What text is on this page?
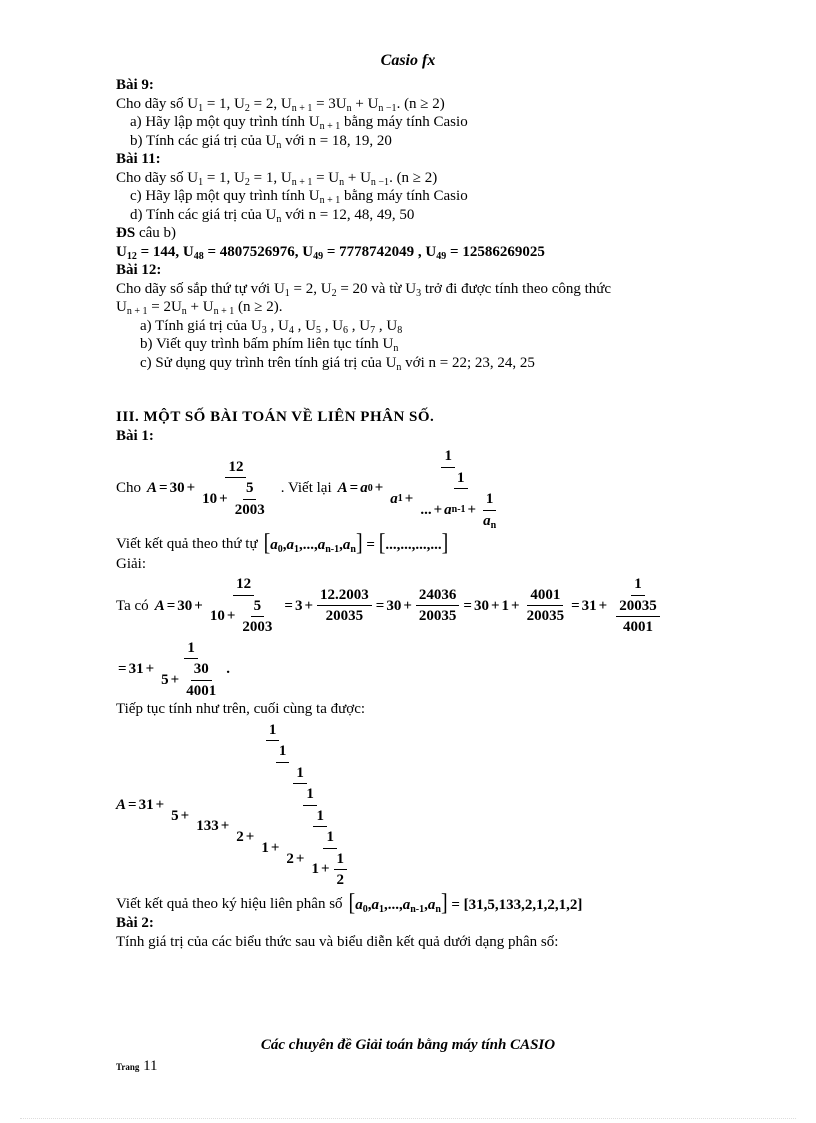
Casio fx
Bài 9:
Cho dãy số $U_1 = 1$, $U_2 = 2$, $U_{n + 1} = 3U_n + U_{n -1}$. (n ≥ 2)
a) Hãy lập một quy trình tính $U_{n + 1}$ bằng máy tính Casio
b) Tính các giá trị của $U_n$ với n = 18, 19, 20
Bài 11:
Cho dãy số $U_1 = 1$, $U_2 = 1$, $U_{n + 1} = U_n + U_{n -1}$. (n ≥ 2)
c) Hãy lập một quy trình tính $U_{n + 1}$ bằng máy tính Casio
d) Tính các giá trị của $U_n$ với n = 12, 48, 49, 50
ĐS câu b)
$U_{12} = 144$, $U_{48} = 4807526976$, $U_{49} = 7778742049$ , $U_{49} = 12586269025$
Bài 12:
Cho dãy số sắp thứ tự với $U_1 = 2$, $U_2 = 20$ và từ $U_3$ trở đi được tính theo công thức
$U_{n + 1} = 2U_n + U_{n + 1}$ (n ≥ 2).
a) Tính giá trị của $U_3$ , $U_4$ , $U_5$ , $U_6$ , $U_7$ , $U_8$
b) Viết quy trình bấm phím liên tục tính $U_n$
c) Sử dụng quy trình trên tính giá trị của $U_n$ với n = 22; 23, 24, 25
III. MỘT SỐ BÀI TOÁN VỀ LIÊN PHÂN SỐ.
Bài 1:
Cho $A = 30 + \frac{12}{10 + \frac{5}{2003}}$ . Viết lại A = a $0 + \frac{1}{a 1 + \frac{1}{... + a n-1 + \frac{1}{a_n}}}$
Viết kết quả theo thứ tự $[a_0,a_1,...,a_{n-1},a_n]$ = [...,...,...,...]
Giải:
Ta có $A = 30 + \frac{12}{10 + \frac{5}{2003}} = 3 + \frac{12.2003}{20035} = 30 + \frac{24036}{20035} = 30 + 1 + \frac{4001}{20035} = 31 + \frac{1}{\frac{20035}{4001}}$
= $31 + \frac{1}{5 + \frac{30}{4001}}$ .
Tiếp tục tính như trên, cuối cùng ta được:
A = 31 +
1
5 +
1
133 +
1
2 +
1
1 +
1
$2 + \frac{1}{1 + \frac{1}{2}}$
Viết kết quả theo ký hiệu liên phân số $[a_0,a_1,...,a_{n-1},a_n] = [31,5,133,2,1,2,1,2]$
Bài 2:
Tính giá trị của các biểu thức sau và biểu diễn kết quả dưới dạng phân số:
Các chuyên đề Giải toán bằng máy tính CASIO
Trang 11
